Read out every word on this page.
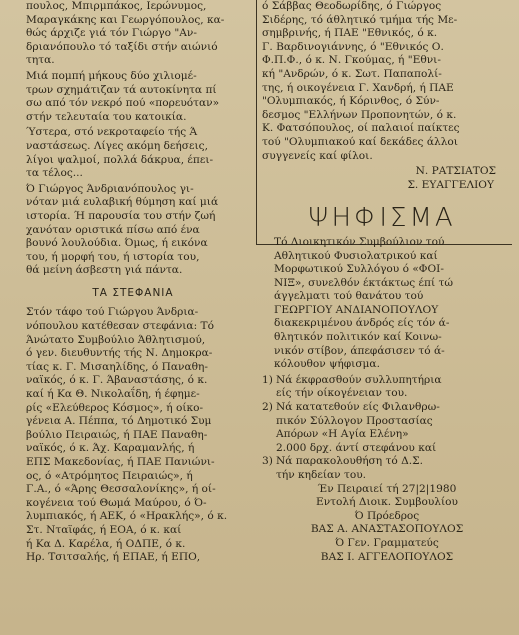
πουλος, Μπιρμπάκος, Ιερώνυμος,
Μαραγκάκης και Γεωργόπουλος, κα-
θώς άρχιζε γιά τόν Γιώργο "Αν-
δριανόπουλο τό ταξίδι στήν αιώνιό
τητα.
Μιά πομπή μήκους δύο χιλιομέ-
τρων σχημάτιζαν τά αυτοκίνητα πί
σω από τόν νεκρό πού «πορευόταν»
στήν τελευταία του κατοικία.
Ύστερα, στό νεκροταφείο τής Ά
ναστάσεως. Λίγες ακόμη δεήσεις,
λίγοι ψαλμοί, πολλά δάκρυα, έπει-
τα τέλος...
Ό Γιώργος Άνδριανόπουλος γι-
νόταν μιά ευλαβική θύμηση καί μιά
ιστορία. Ή παρουσία του στήν ζωή
χανόταν οριστικά πίσω από ένα
βουνό λουλούδια. Όμως, ή εικόνα
του, ή μορφή του, ή ιστορία του,
θά μείνη άσβεστη γιά πάντα.
ΤΑ ΣΤΕΦΑΝΙΑ
Στόν τάφο τού Γιώργου Άνδρια-
νόπουλου κατέθεσαν στεφάνια: Τό
Άνώτατο Συμβούλιο Άθλητισμού,
ό γεν. διευθυντής τής Ν. Δημοκρα-
τίας κ. Γ. Μισαηλίδης, ό Παναθη-
ναϊκός, ό κ. Γ. Άβαναστάσης, ό κ.
καί ή Κα Θ. Νικολαΐδη, ή έφημε-
ρίς «Ελεύθερος Κόσμος», ή οίκο-
γένεια Α. Πέππα, τό Δημοτικό Συμ
βούλιο Πειραιώς, ή ΠΑΕ Παναθη-
ναϊκός, ό κ. Άχ. Καραμανλής, ή
ΕΠΣ Μακεδονίας, ή ΠΑΕ Πανιώνι-
ος, ό «Ατρόμητος Πειραιώς», ή
Γ.Α., ό «Άρης Θεσσαλονίκης», ή οί-
κογένεια τού Θωμά Μαύρου, ό Ό-
λυμπιακός, ή ΑΕΚ, ό «Ηρακλής», ό κ.
Στ. Νταϊφάς, ή ΕΟΑ, ό κ. καί
ή Κα Δ. Καρέλα, ή ΟΔΠΕ, ό κ.
Ηρ. Τσιτσαλής, ή ΕΠΑΕ, ή ΕΠΟ,
ό Σάββας Θεοδωρίδης, ό Γιώργος
Σιδέρης, τό άθλητικό τμήμα τής Με-
σημβρινής, ή ΠΑΕ "Εθνικός, ό κ.
Γ. Βαρδινογιάννης, ό "Εθνικός Ο.
Φ.Π.Φ., ό κ. Ν. Γκούμας, ή "Εθνι-
κή "Ανδρών, ό κ. Σωτ. Παπαπολί-
της, ή οικογένεια Γ. Χανδρή, ή ΠΑΕ
"Ολυμπιακός, ή Κόρινθος, ό Σύν-
δεσμος "Ελλήνων Προπονητών, ό κ.
Κ. Φατσόπουλος, οί παλαιοί παίκτες
τού "Ολυμπιακού καί δεκάδες άλλοι
συγγενείς καί φίλοι.

Ν. ΡΑΤΣΙΑΤΟΣ

Σ. ΕΥΑΓΓΕΛΙΟΥ

ΨΗΦΙΣΜΑ
Τό Διοικητικόν Συμβούλιον τού
Αθλητικού Φυσιολατρικού καί
Μορφωτικού Συλλόγου ό «ΦΟΙ-
ΝΙΞ», συνελθόν έκτάκτως έπί τώ
άγγελματι τού θανάτου τού
ΓΕΩΡΓΙΟΥ ΑΝΔΙΑΝΟΠΟΥΛΟΥ
διακεκριμένου άνδρός είς τόν ά-
θλητικόν πολιτικόν καί Κοινω-
νικόν στίβον, άπεφάσισεν τό ά-
κόλουθον ψήφισμα.
1) Νά έκφρασθούν συλλυπητήρια
είς τήν οίκογένειαν του.
2) Νά κατατεθούν είς Φιλανθρω-
πικόν Σύλλογον Προστασίας
Απόρων «Η Αγία Ελένη»
2.000 δρχ. άντί στεφάνου καί
3) Νά παρακολουθήση τό Δ.Σ.
τήν κηδείαν του.
Έν Πειραιεί τή 27|2|1980
Εντολή Διοικ. Συμβουλίου
Ό Πρόεδρος
ΒΑΣ Α. ΑΝΑΣΤΑΣΟΠΟΥΛΟΣ
Ό Γεν. Γραμματεύς
ΒΑΣ Ι. ΑΓΓΕΛΟΠΟΥΛΟΣ
